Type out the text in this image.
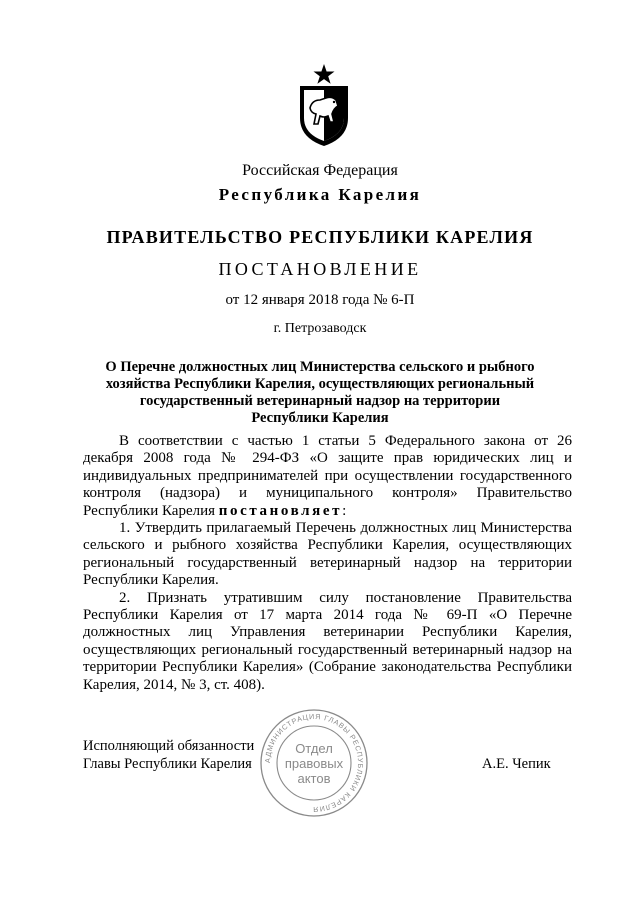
Российская Федерация
Республика Карелия
ПРАВИТЕЛЬСТВО РЕСПУБЛИКИ КАРЕЛИЯ
ПОСТАНОВЛЕНИЕ
от 12 января 2018 года № 6-П
г. Петрозаводск
О Перечне должностных лиц Министерства сельского и рыбного
хозяйства Республики Карелия, осуществляющих региональный
государственный ветеринарный надзор на территории
Республики Карелия

В соответствии с частью 1 статьи 5 Федерального закона от 26 декабря 2008 года № 294-ФЗ «О защите прав юридических лиц и индивидуальных предпринимателей при осуществлении государственного контроля (надзора) и муниципального контроля» Правительство Республики Карелия постановляет:

1. Утвердить прилагаемый Перечень должностных лиц Министерства сельского и рыбного хозяйства Республики Карелия, осуществляющих региональный государственный ветеринарный надзор на территории Республики Карелия.

2. Признать утратившим силу постановление Правительства Республики Карелия от 17 марта 2014 года № 69-П «О Перечне должностных лиц Управления ветеринарии Республики Карелия, осуществляющих региональный государственный ветеринарный надзор на территории Республики Карелия» (Собрание законодательства Республики Карелия, 2014, № 3, ст. 408).

Исполняющий обязанности
Главы Республики Карелия	А.Е. Чепик
АДМИНИСТРАЦИЯ ГЛАВЫ РЕСПУБЛИКИ КАРЕЛИЯ
Отдел
правовых
актов
